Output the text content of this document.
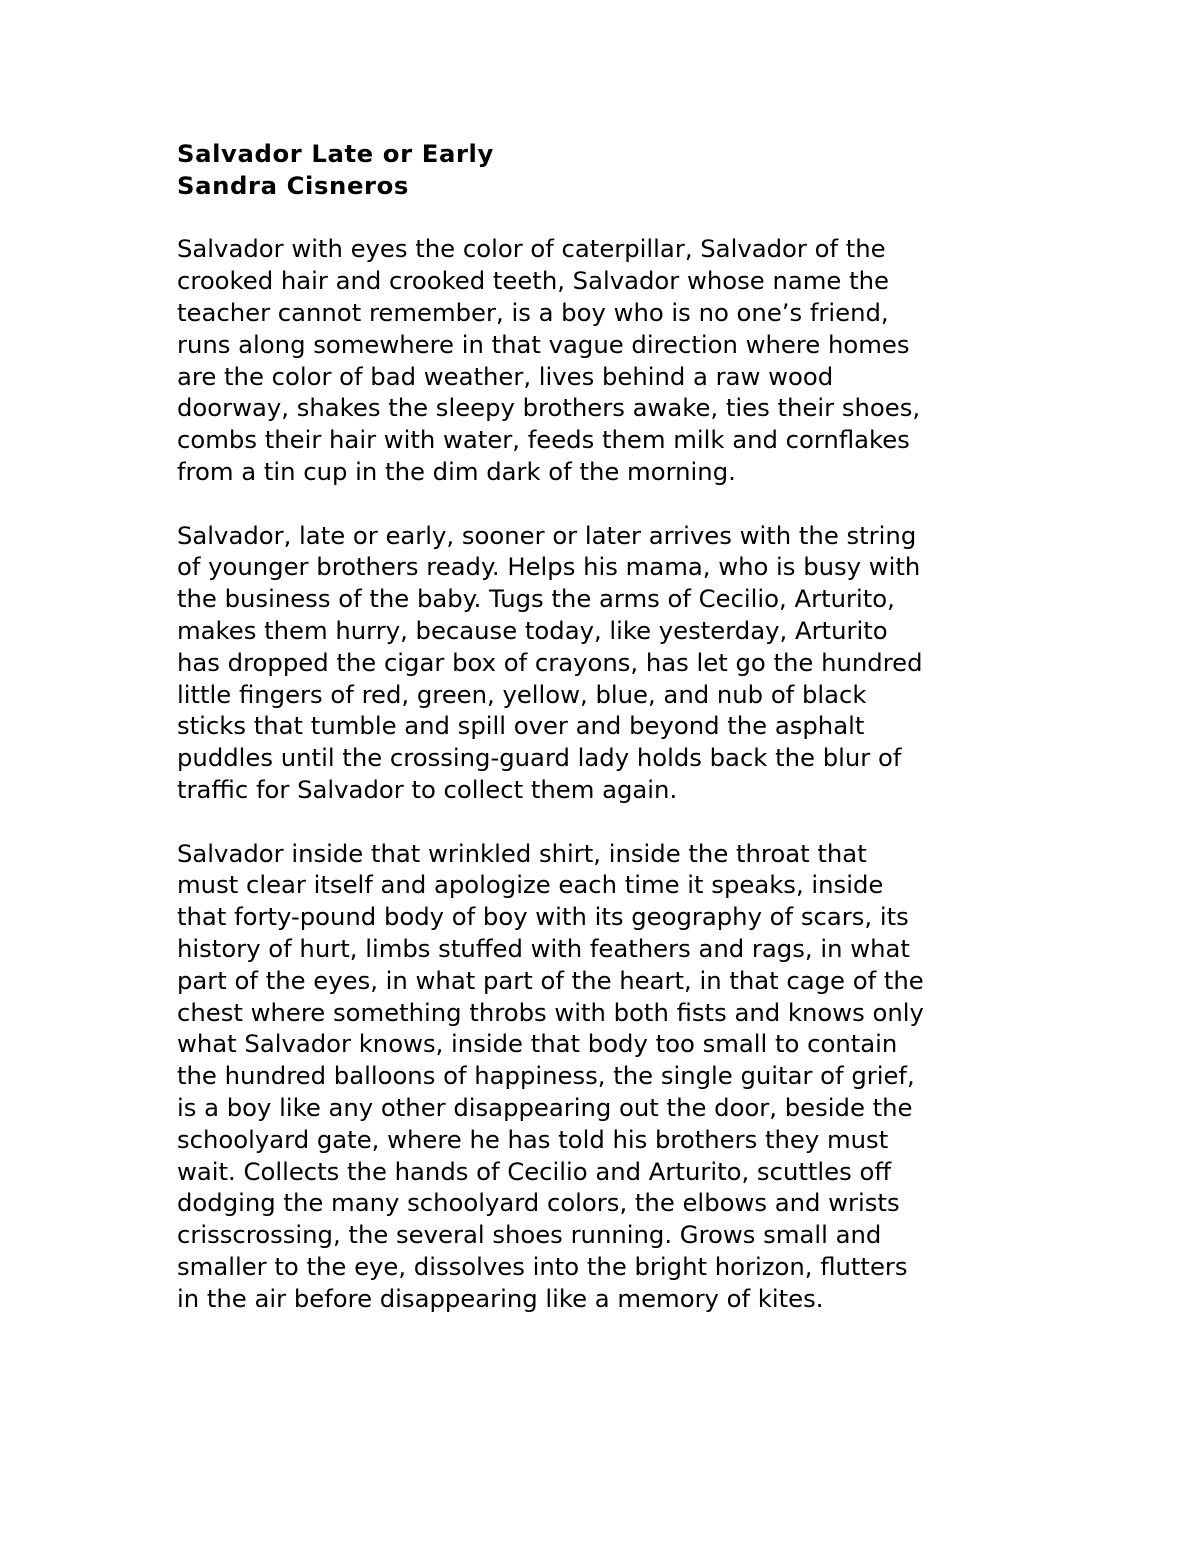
Salvador Late or Early

Sandra Cisneros

Salvador with eyes the color of caterpillar, Salvador of the
crooked hair and crooked teeth, Salvador whose name the
teacher cannot remember, is a boy who is no one’s friend,
runs along somewhere in that vague direction where homes
are the color of bad weather, lives behind a raw wood
doorway, shakes the sleepy brothers awake, ties their shoes,
combs their hair with water, feeds them milk and cornflakes
from a tin cup in the dim dark of the morning.

Salvador, late or early, sooner or later arrives with the string
of younger brothers ready. Helps his mama, who is busy with
the business of the baby. Tugs the arms of Cecilio, Arturito,
makes them hurry, because today, like yesterday, Arturito
has dropped the cigar box of crayons, has let go the hundred
little fingers of red, green, yellow, blue, and nub of black
sticks that tumble and spill over and beyond the asphalt
puddles until the crossing-guard lady holds back the blur of
traffic for Salvador to collect them again.

Salvador inside that wrinkled shirt, inside the throat that
must clear itself and apologize each time it speaks, inside
that forty-pound body of boy with its geography of scars, its
history of hurt, limbs stuffed with feathers and rags, in what
part of the eyes, in what part of the heart, in that cage of the
chest where something throbs with both fists and knows only
what Salvador knows, inside that body too small to contain
the hundred balloons of happiness, the single guitar of grief,
is a boy like any other disappearing out the door, beside the
schoolyard gate, where he has told his brothers they must
wait. Collects the hands of Cecilio and Arturito, scuttles off
dodging the many schoolyard colors, the elbows and wrists
crisscrossing, the several shoes running. Grows small and
smaller to the eye, dissolves into the bright horizon, flutters
in the air before disappearing like a memory of kites.
